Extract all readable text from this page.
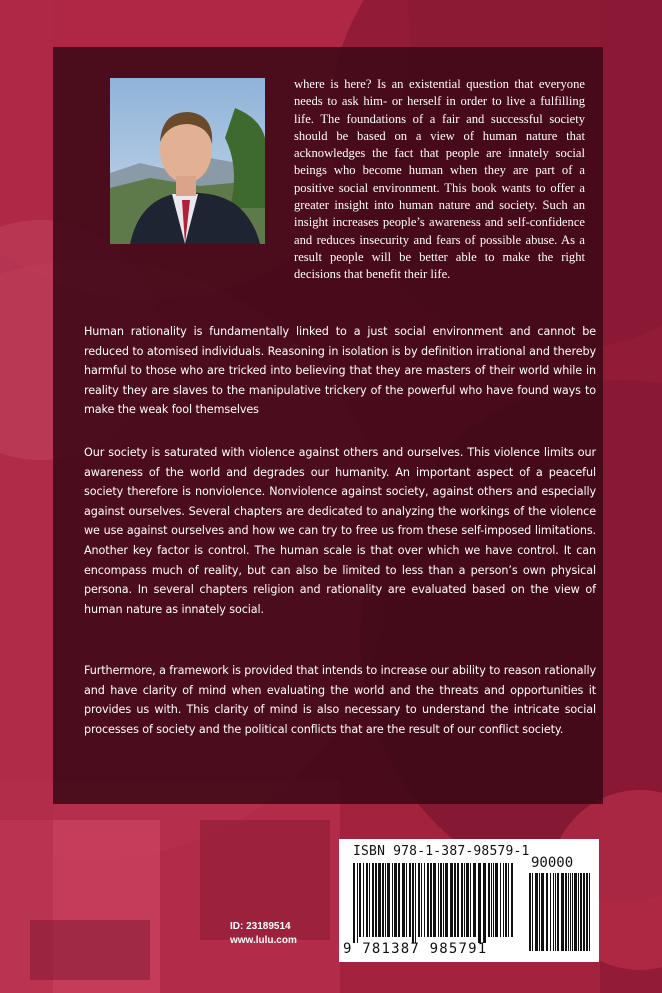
where is here? Is an existential question that everyone needs to ask him- or herself in order to live a fulfilling life. The foundations of a fair and successful society should be based on a view of human nature that acknowledges the fact that people are innately social beings who become human when they are part of a positive social environment. This book wants to offer a greater insight into human nature and society. Such an insight increases people’s awareness and self-confidence and reduces insecurity and fears of possible abuse. As a result people will be better able to make the right decisions that benefit their life.

Human rationality is fundamentally linked to a just social environment and cannot be reduced to atomised individuals. Reasoning in isolation is by definition irrational and thereby harmful to those who are tricked into believing that they are masters of their world while in reality they are slaves to the manipulative trickery of the powerful who have found ways to make the weak fool themselves

Our society is saturated with violence against others and ourselves. This violence limits our awareness of the world and degrades our humanity. An important aspect of a peaceful society therefore is nonviolence. Nonviolence against society, against others and especially against ourselves. Several chapters are dedicated to analyzing the workings of the violence we use against ourselves and how we can try to free us from these self-imposed limitations. Another key factor is control. The human scale is that over which we have control. It can encompass much of reality, but can also be limited to less than a person’s own physical persona. In several chapters religion and rationality are evaluated based on the view of human nature as innately social.

Furthermore, a framework is provided that intends to increase our ability to reason rationally and have clarity of mind when evaluating the world and the threats and opportunities it provides us with. This clarity of mind is also necessary to understand the intricate social processes of society and the political conflicts that are the result of our conflict society.

ID: 23189514
www.lulu.com
ISBN 978-1-387-98579-1
90000
9 781387 985791
